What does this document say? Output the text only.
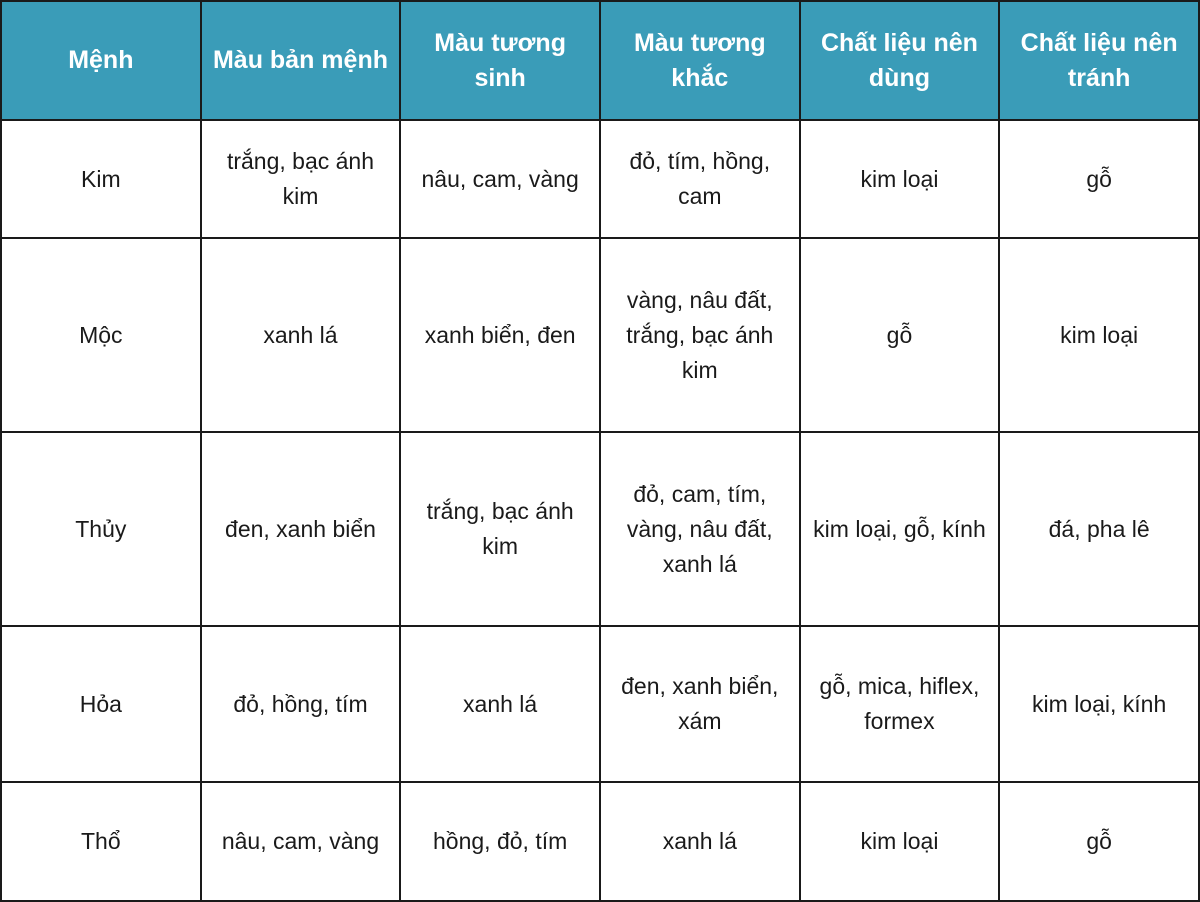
Mệnh	Màu bản mệnh	Màu tương sinh	Màu tương khắc	Chất liệu nên dùng	Chất liệu nên tránh
Kim	trắng, bạc ánh kim	nâu, cam, vàng	đỏ, tím, hồng, cam	kim loại	gỗ
Mộc	xanh lá	xanh biển, đen	vàng, nâu đất, trắng, bạc ánh kim	gỗ	kim loại
Thủy	đen, xanh biển	trắng, bạc ánh kim	đỏ, cam, tím, vàng, nâu đất, xanh lá	kim loại, gỗ, kính	đá, pha lê
Hỏa	đỏ, hồng, tím	xanh lá	đen, xanh biển, xám	gỗ, mica, hiflex, formex	kim loại, kính
Thổ	nâu, cam, vàng	hồng, đỏ, tím	xanh lá	kim loại	gỗ
